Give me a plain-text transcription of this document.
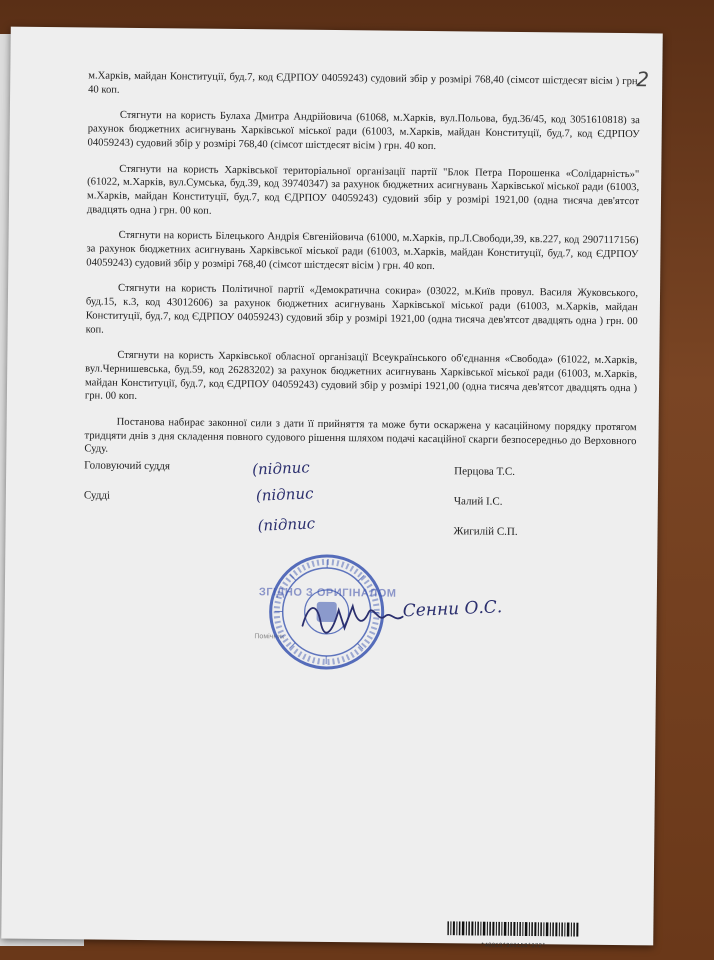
2

м.Харків, майдан Конституції, буд.7, код ЄДРПОУ 04059243) судовий збір у розмірі 768,40 (сімсот шістдесят вісім ) грн. 40 коп.

Стягнути на користь Булаха Дмитра Андрійовича (61068, м.Харків, вул.Польова, буд.36/45, код 3051610818) за рахунок бюджетних асигнувань Харківської міської ради (61003, м.Харків, майдан Конституції, буд.7, код ЄДРПОУ 04059243) судовий збір у розмірі 768,40 (сімсот шістдесят вісім ) грн. 40 коп.

Стягнути на користь Харківської територіальної організації партії "Блок Петра Порошенка «Солідарність»" (61022, м.Харків, вул.Сумська, буд.39, код 39740347) за рахунок бюджетних асигнувань Харківської міської ради (61003, м.Харків, майдан Конституції, буд.7, код ЄДРПОУ 04059243) судовий збір у розмірі 1921,00 (одна тисяча дев'ятсот двадцять одна ) грн. 00 коп.

Стягнути на користь Білецького Андрія Євгенійовича (61000, м.Харків, пр.Л.Свободи,39, кв.227, код 2907117156) за рахунок бюджетних асигнувань Харківської міської ради (61003, м.Харків, майдан Конституції, буд.7, код ЄДРПОУ 04059243) судовий збір у розмірі 768,40 (сімсот шістдесят вісім ) грн. 40 коп.

Стягнути на користь Політичної партії «Демократична сокира» (03022, м.Київ провул. Василя Жуковського, буд.15, к.3, код 43012606) за рахунок бюджетних асигнувань Харківської міської ради (61003, м.Харків, майдан Конституції, буд.7, код ЄДРПОУ 04059243) судовий збір у розмірі 1921,00 (одна тисяча дев'ятсот двадцять одна ) грн. 00 коп.

Стягнути на користь Харківської обласної організації Всеукраїнського об'єднання «Свобода» (61022, м.Харків, вул.Чернишевська, буд.59, код 26283202) за рахунок бюджетних асигнувань Харківської міської ради (61003, м.Харків, майдан Конституції, буд.7, код ЄДРПОУ 04059243) судовий збір у розмірі 1921,00 (одна тисяча дев'ятсот двадцять одна ) грн. 00 коп.

Постанова набирає законної сили з дати її прийняття та може бути оскаржена у касаційному порядку протягом тридцяти днів з дня складення повного судового рішення шляхом подачі касаційної скарги безпосередньо до Верховного Суду.

Головуючий суддя
Судді
(підпис
(підпис
(підпис
Перцова Т.С.
Чалий І.С.
Жигилій С.П.
ЗГІДНО З ОРИГІНАЛОМ
Помічник
Сенни О.С.
*40013*360153*372*
